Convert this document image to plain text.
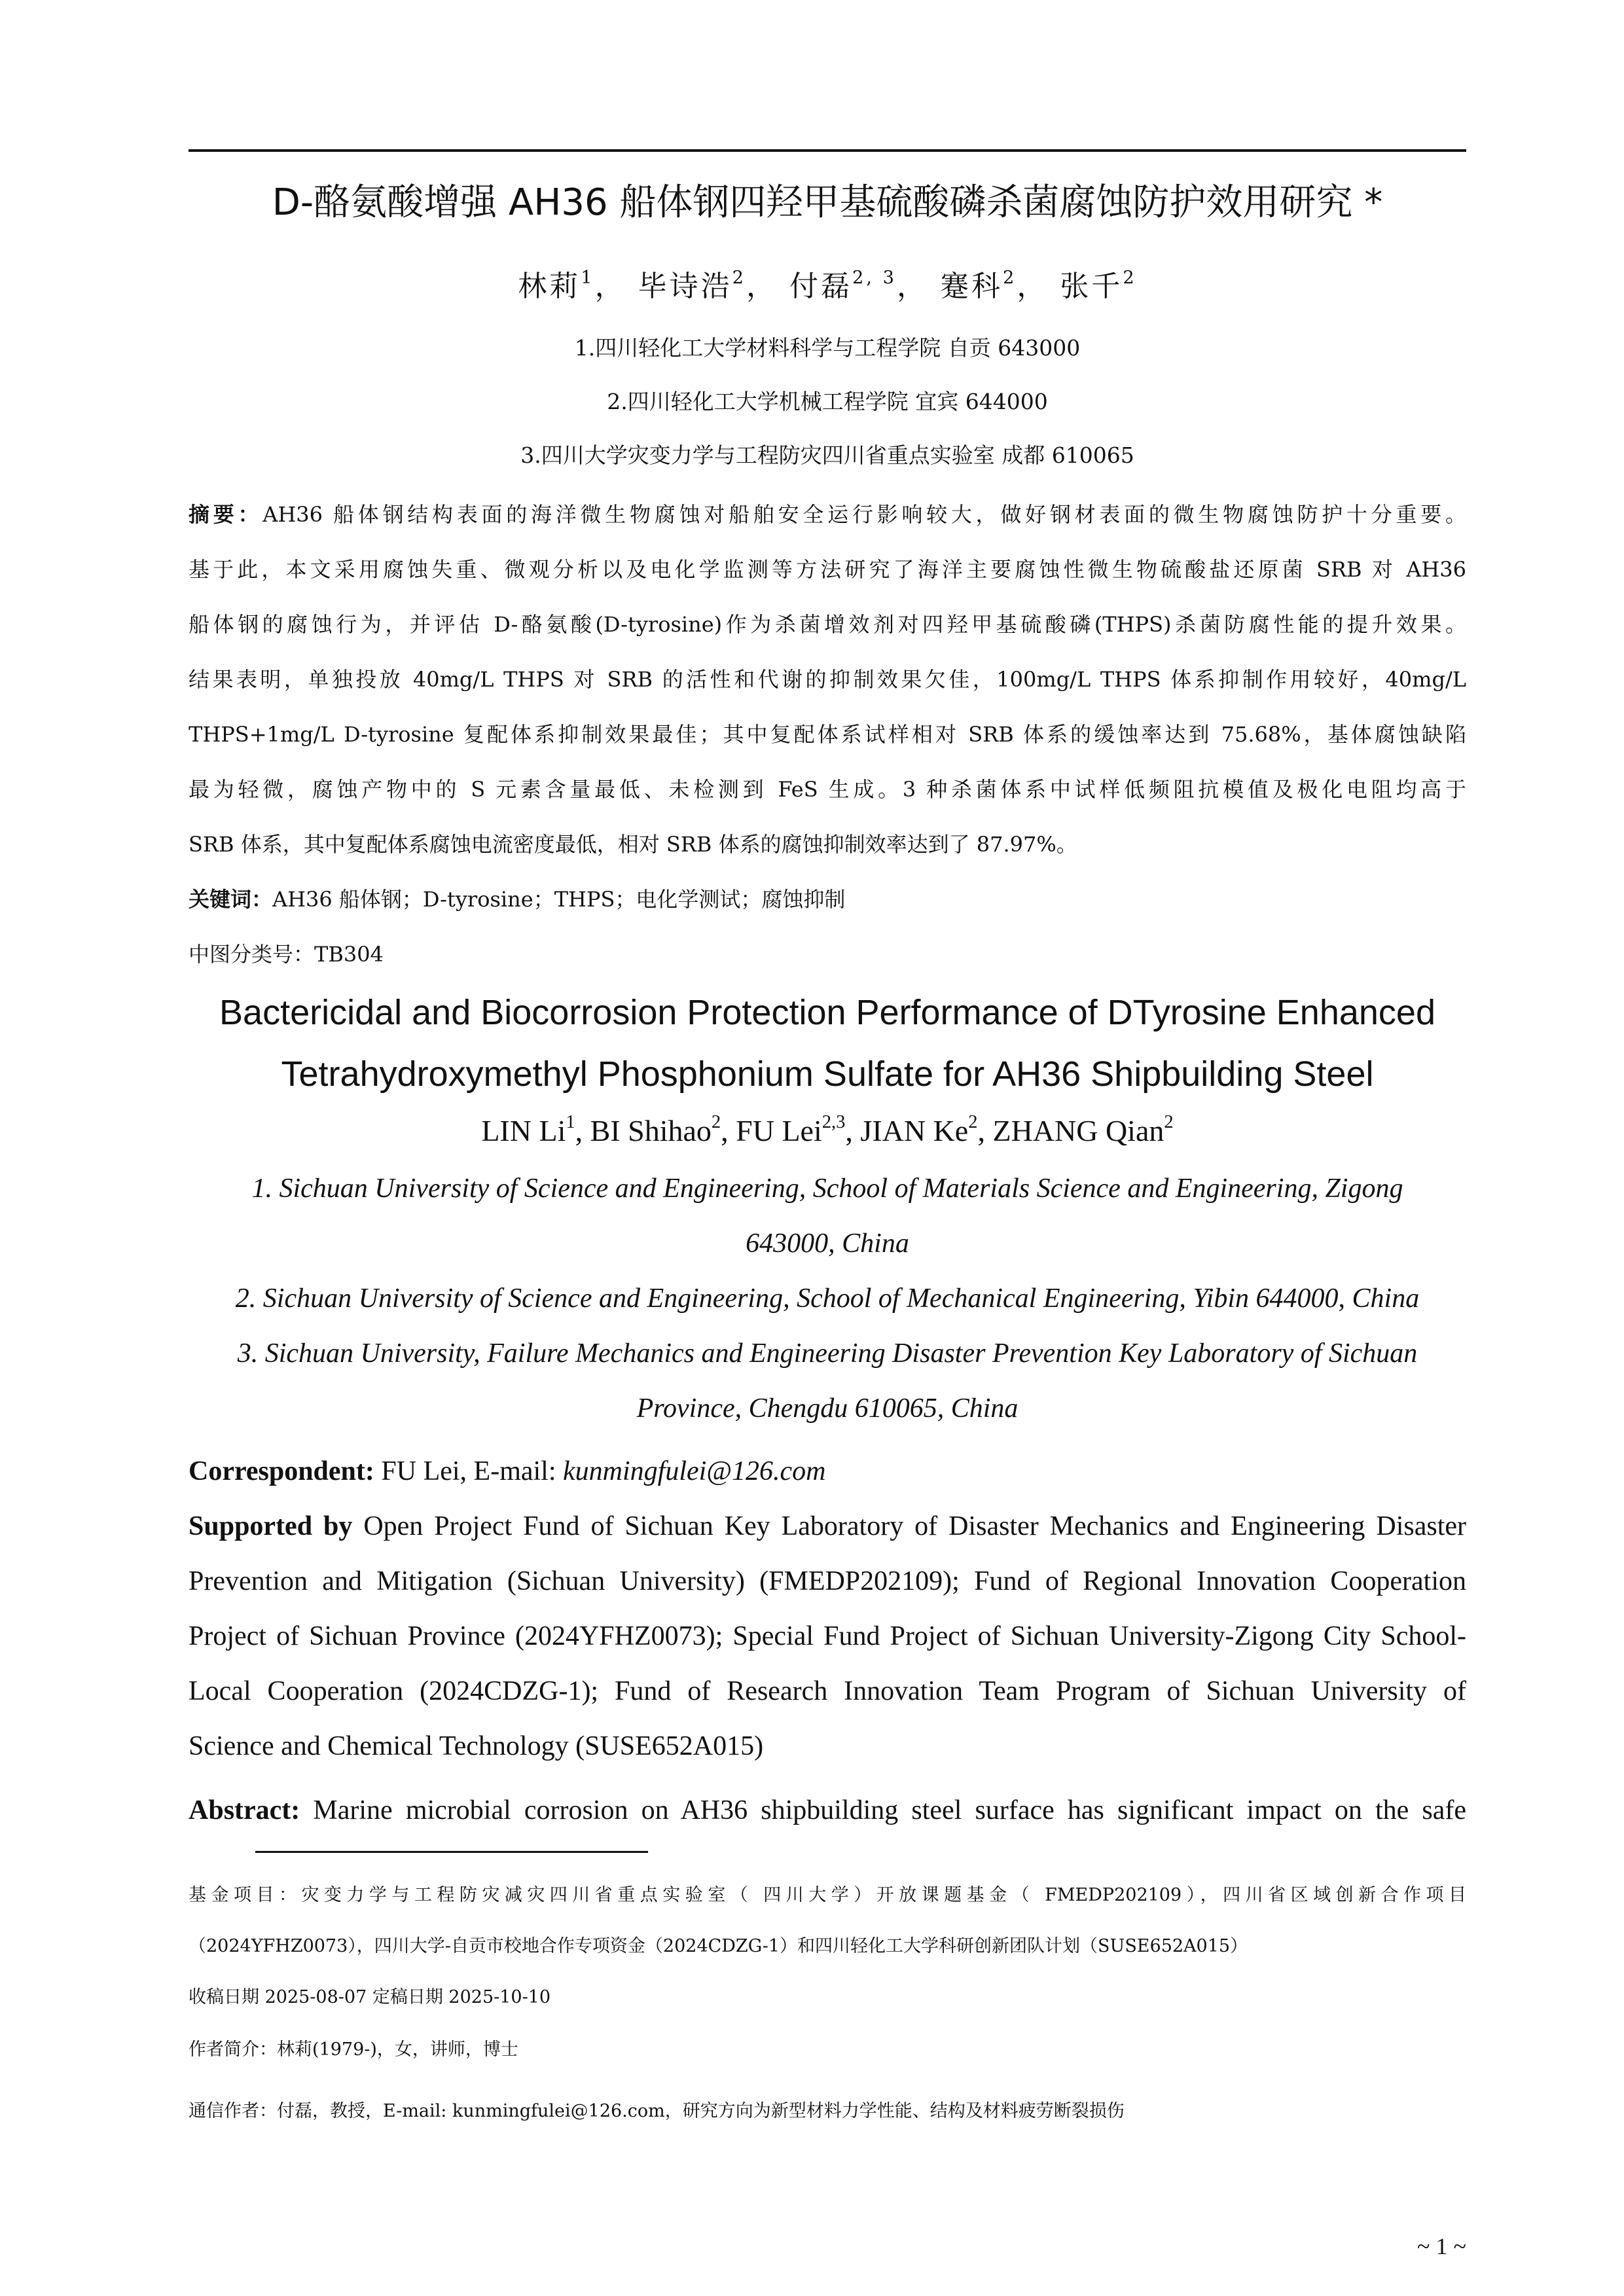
D-酪氨酸增强 AH36 船体钢四羟甲基硫酸磷杀菌腐蚀防护效用研究 *
林莉$^1$， 毕诗浩$^2$， 付磊$^{2, 3}$， 蹇科$^2$， 张千$^2$
1.四川轻化工大学材料科学与工程学院 自贡 643000
2.四川轻化工大学机械工程学院 宜宾 644000
3.四川大学灾变力学与工程防灾四川省重点实验室 成都 610065
摘要：AH36 船体钢结构表面的海洋微生物腐蚀对船舶安全运行影响较大，做好钢材表面的微生物腐蚀防护十分重要。
基于此，本文采用腐蚀失重、微观分析以及电化学监测等方法研究了海洋主要腐蚀性微生物硫酸盐还原菌 SRB 对 AH36
船体钢的腐蚀行为，并评估 D-酪氨酸(D-tyrosine)作为杀菌增效剂对四羟甲基硫酸磷(THPS)杀菌防腐性能的提升效果。
结果表明，单独投放 40mg/L THPS 对 SRB 的活性和代谢的抑制效果欠佳，100mg/L THPS 体系抑制作用较好，40mg/L
THPS+1mg/L D-tyrosine 复配体系抑制效果最佳；其中复配体系试样相对 SRB 体系的缓蚀率达到 75.68%，基体腐蚀缺陷
最为轻微，腐蚀产物中的 S 元素含量最低、未检测到 FeS 生成。3 种杀菌体系中试样低频阻抗模值及极化电阻均高于
SRB 体系，其中复配体系腐蚀电流密度最低，相对 SRB 体系的腐蚀抑制效率达到了 87.97%。
关键词：AH36 船体钢；D-tyrosine；THPS；电化学测试；腐蚀抑制
中图分类号：TB304
Bactericidal and Biocorrosion Protection Performance of DTyrosine Enhanced
Tetrahydroxymethyl Phosphonium Sulfate for AH36 Shipbuilding Steel
LIN Li$^1$, BI Shihao$^2$, FU Lei$^{2,3}$, JIAN Ke$^2$, ZHANG Qian$^2$
1. Sichuan University of Science and Engineering, School of Materials Science and Engineering, Zigong
643000, China
2. Sichuan University of Science and Engineering, School of Mechanical Engineering, Yibin 644000, China
3. Sichuan University, Failure Mechanics and Engineering Disaster Prevention Key Laboratory of Sichuan
Province, Chengdu 610065, China
Correspondent: FU Lei, E-mail: kunmingfulei@126.com
Supported by Open Project Fund of Sichuan Key Laboratory of Disaster Mechanics and Engineering Disaster
Prevention and Mitigation (Sichuan University) (FMEDP202109); Fund of Regional Innovation Cooperation
Project of Sichuan Province (2024YFHZ0073); Special Fund Project of Sichuan University-Zigong City School-
Local Cooperation (2024CDZG-1); Fund of Research Innovation Team Program of Sichuan University of
Science and Chemical Technology (SUSE652A015)
Abstract: Marine microbial corrosion on AH36 shipbuilding steel surface has significant impact on the safe
基金项目：灾变力学与工程防灾减灾四川省重点实验室（ 四川大学）开放课题基金（ FMEDP202109），四川省区域创新合作项目
（2024YFHZ0073），四川大学-自贡市校地合作专项资金（2024CDZG-1）和四川轻化工大学科研创新团队计划（SUSE652A015）
收稿日期 2025-08-07 定稿日期 2025-10-10
作者简介：林莉(1979-)，女，讲师，博士
通信作者：付磊，教授，E-mail: kunmingfulei@126.com，研究方向为新型材料力学性能、结构及材料疲劳断裂损伤
~ 1 ~
